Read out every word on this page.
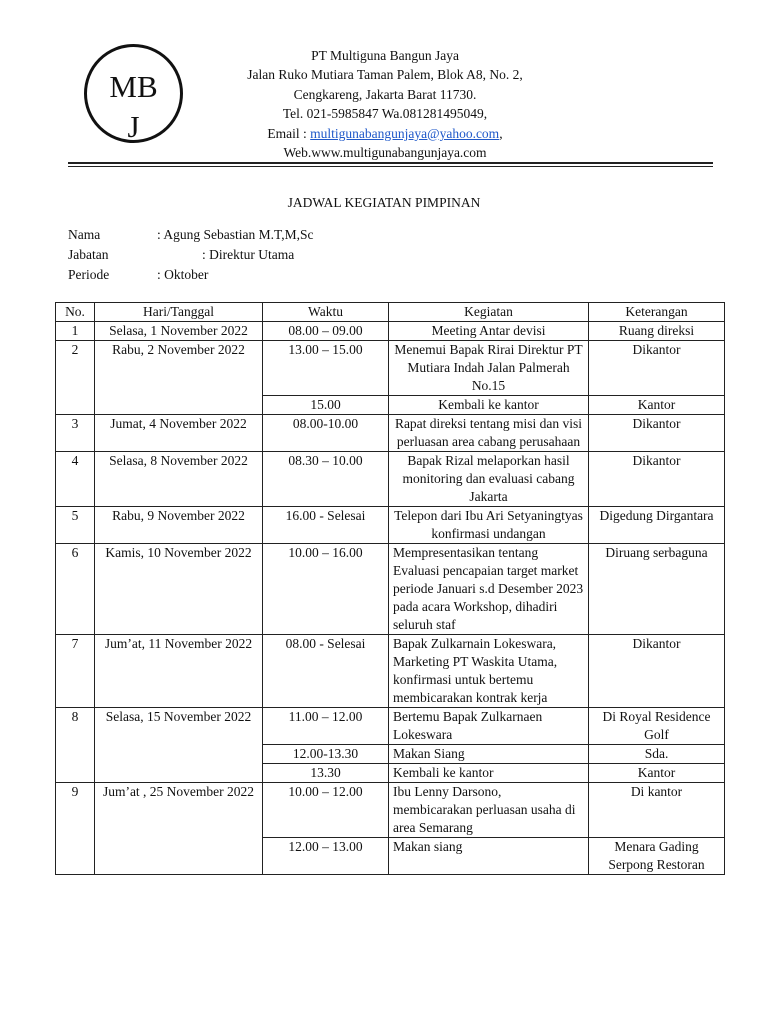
MB
J
PT Multiguna Bangun Jaya
Jalan Ruko Mutiara Taman Palem, Blok A8, No. 2,
Cengkareng, Jakarta Barat 11730.
Tel. 021-5985847 Wa.081281495049,
Email : multigunabangunjaya@yahoo.com,
Web.www.multigunabangunjaya.com
JADWAL KEGIATAN PIMPINAN
Nama	: Agung Sebastian M.T,M,Sc
Jabatan	: Direktur Utama
Periode	: Oktober
No.	Hari/Tanggal	Waktu	Kegiatan	Keterangan
1	Selasa, 1 November 2022	08.00 – 09.00	Meeting Antar devisi	Ruang direksi
2	Rabu, 2 November 2022	13.00 – 15.00	Menemui Bapak Rirai Direktur PT Mutiara Indah Jalan Palmerah No.15	Dikantor
		15.00	Kembali ke kantor	Kantor
3	Jumat, 4 November 2022	08.00-10.00	Rapat direksi tentang misi dan visi perluasan area cabang perusahaan	Dikantor
4	Selasa, 8 November 2022	08.30 – 10.00	Bapak Rizal melaporkan hasil monitoring dan evaluasi cabang Jakarta	Dikantor
5	Rabu, 9 November 2022	16.00 - Selesai	Telepon dari Ibu Ari Setyaningtyas konfirmasi undangan	Digedung Dirgantara
6	Kamis, 10 November 2022	10.00 – 16.00	Mempresentasikan tentang Evaluasi pencapaian target market periode Januari s.d Desember 2023 pada acara Workshop, dihadiri seluruh staf	Diruang serbaguna
7	Jum’at, 11 November 2022	08.00 - Selesai	Bapak Zulkarnain Lokeswara, Marketing PT Waskita Utama, konfirmasi untuk bertemu membicarakan kontrak kerja	Dikantor
8	Selasa, 15 November 2022	11.00 – 12.00	Bertemu Bapak Zulkarnaen Lokeswara	Di Royal Residence Golf
		12.00-13.30	Makan Siang	Sda.
		13.30	Kembali ke kantor	Kantor
9	Jum’at , 25 November 2022	10.00 – 12.00	Ibu Lenny Darsono, membicarakan perluasan usaha di area Semarang	Di kantor
		12.00 – 13.00	Makan siang	Menara Gading Serpong Restoran
